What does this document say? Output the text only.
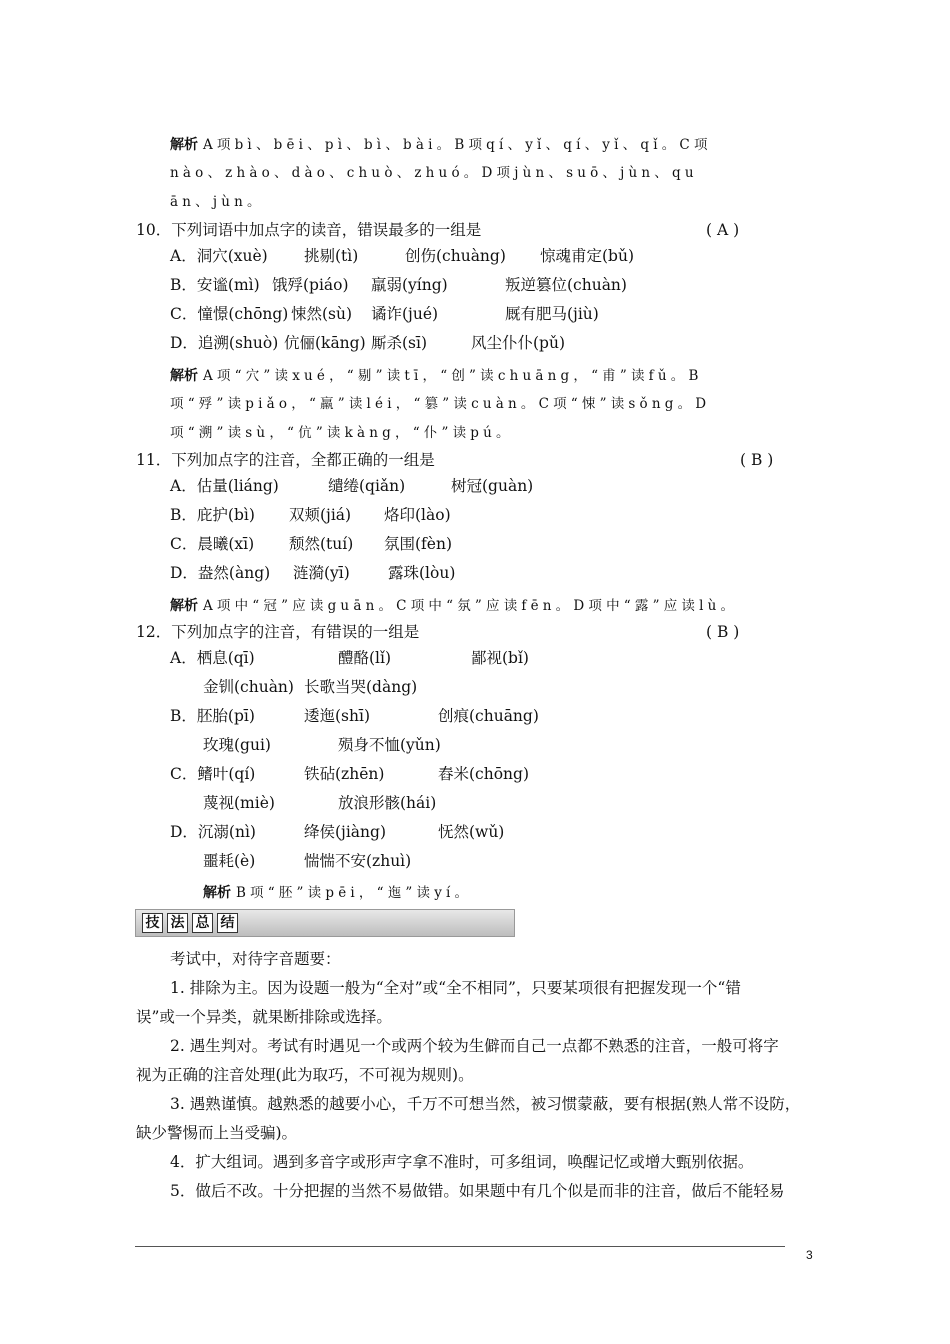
解析 A项bì、bēi、pì、bì、bài。B项qí、yǐ、qí、yǐ、qǐ。C项
nào、zhào、dào、chuò、zhuó。D项jùn、suō、jùn、qu
ān、jùn。
10．下列词语中加点字的读音，错误最多的一组是	( A )
A．洞穴(xuè) 挑剔(tì)	创伤(chuàng) 惊魂甫定(bǔ)
B．安谧(mì) 饿殍(piáo) 羸弱(yíng)	叛逆篡位(chuàn)
C．憧憬(chōng) 悚然(sù) 谲诈(jué)	厩有肥马(jiù)
D．追溯(shuò) 伉俪(kāng) 厮杀(sī)	风尘仆仆(pǔ)
解析 A项“穴”读xué，“剔”读tī，“创”读chuāng，“甫”读fǔ。B
项“殍”读piǎo，“羸”读léi，“篡”读cuàn。C项“悚”读sǒng。D
项“溯”读sù，“伉”读kàng，“仆”读pú。
11．下列加点字的注音，全都正确的一组是	( B )
A．估量(liáng)	缱绻(qiǎn)	树冠(guàn)
B．庇护(bì) 双颊(jiá) 烙印(lào)
C．晨曦(xī) 颓然(tuí) 氛围(fèn)
D．盎然(àng) 涟漪(yī) 露珠(lòu)
解析 A项中“冠”应读guān。C项中“氛”应读fēn。D项中“露”应读lù。
12．下列加点字的注音，有错误的一组是	( B )
A．栖息(qī)	醴酪(lǐ)	鄙视(bǐ)
金钏(chuàn) 长歌当哭(dàng)
B．胚胎(pī)	逶迤(shī)	创痕(chuāng)
玫瑰(gui)	殒身不恤(yǔn)
C．鳍叶(qí)	铁砧(zhēn)	舂米(chōng)
蔑视(miè)	放浪形骸(hái)
D．沉溺(nì)	绛侯(jiàng)	怃然(wǔ)
噩耗(è)	惴惴不安(zhuì)
解析 B项“胚”读pēi，“迤”读yí。
技 法 总 结
考试中，对待字音题要：
1. 排除为主。因为设题一般为“全对”或“全不相同”，只要某项很有把握发现一个“错
误”或一个异类，就果断排除或选择。
2. 遇生判对。考试有时遇见一个或两个较为生僻而自己一点都不熟悉的注音，一般可将字
视为正确的注音处理(此为取巧，不可视为规则)。
3. 遇熟谨慎。越熟悉的越要小心，千万不可想当然，被习惯蒙蔽，要有根据(熟人常不设防，
缺少警惕而上当受骗)。
4．扩大组词。遇到多音字或形声字拿不准时，可多组词，唤醒记忆或增大甄别依据。
5．做后不改。十分把握的当然不易做错。如果题中有几个似是而非的注音，做后不能轻易
3
